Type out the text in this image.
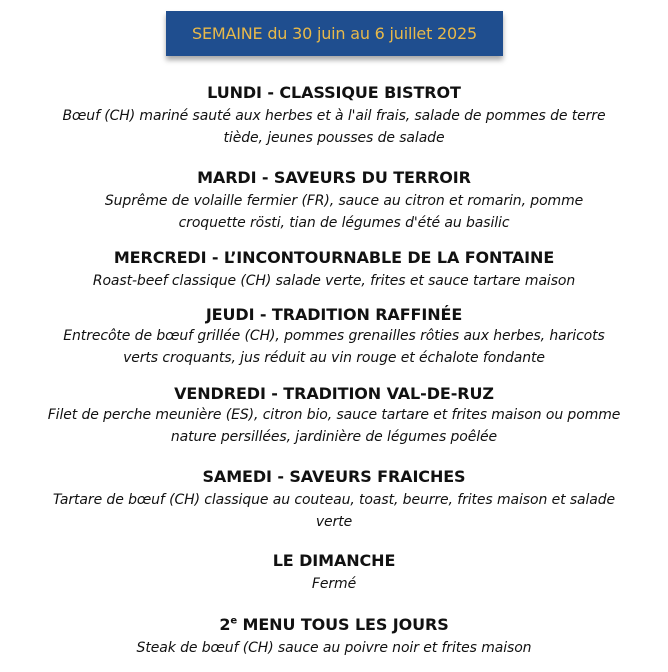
SEMAINE du 30 juin au 6 juillet 2025
LUNDI - CLASSIQUE BISTROT
Bœuf (CH) mariné sauté aux herbes et à l'ail frais, salade de pommes de terre tiède, jeunes pousses de salade
MARDI - SAVEURS DU TERROIR
Suprême de volaille fermier (FR), sauce au citron et romarin, pomme croquette rösti, tian de légumes d'été au basilic
MERCREDI - L’INCONTOURNABLE DE LA FONTAINE
Roast-beef classique (CH) salade verte, frites et sauce tartare maison
JEUDI - TRADITION RAFFINÉE
Entrecôte de bœuf grillée (CH), pommes grenailles rôties aux herbes, haricots verts croquants, jus réduit au vin rouge et échalote fondante
VENDREDI - TRADITION VAL-DE-RUZ
Filet de perche meunière (ES), citron bio, sauce tartare et frites maison ou pomme nature persillées, jardinière de légumes poêlée
SAMEDI - SAVEURS FRAICHES
Tartare de bœuf (CH) classique au couteau, toast, beurre, frites maison et salade verte
LE DIMANCHE
Fermé
2e MENU TOUS LES JOURS
Steak de bœuf (CH) sauce au poivre noir et frites maison
